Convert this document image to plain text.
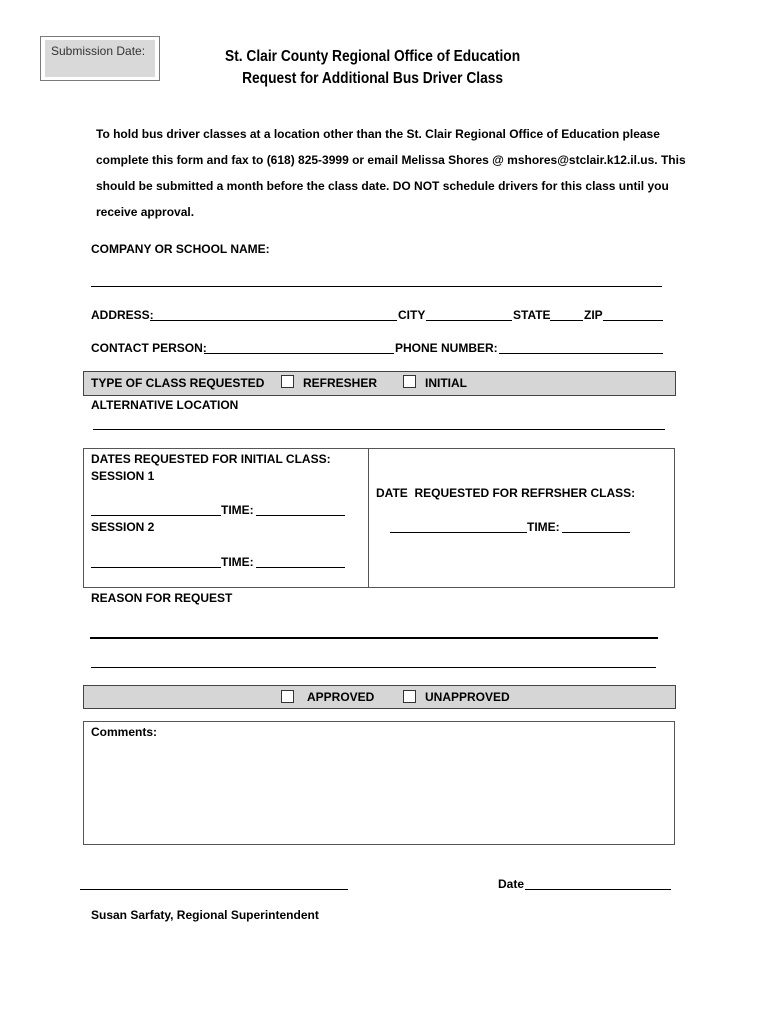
Submission Date:	St. Clair County Regional Office of Education
Request for Additional Bus Driver Class
To hold bus driver classes at a location other than the St. Clair Regional Office of Education please
complete this form and fax to (618) 825-3999 or email Melissa Shores @ mshores@stclair.k12.il.us. This
should be submitted a month before the class date. DO NOT schedule drivers for this class until you
receive approval.
COMPANY OR SCHOOL NAME:
ADDRESS:	CITY	STATE	ZIP
CONTACT PERSON:	PHONE NUMBER:
TYPE OF CLASS REQUESTED	REFRESHER	INITIAL
ALTERNATIVE LOCATION
DATES REQUESTED FOR INITIAL CLASS:
SESSION 1
TIME:
SESSION 2
TIME:
DATE  REQUESTED FOR REFRSHER CLASS:
TIME:
REASON FOR REQUEST
APPROVED	UNAPPROVED
Comments:
Date
Susan Sarfaty, Regional Superintendent
